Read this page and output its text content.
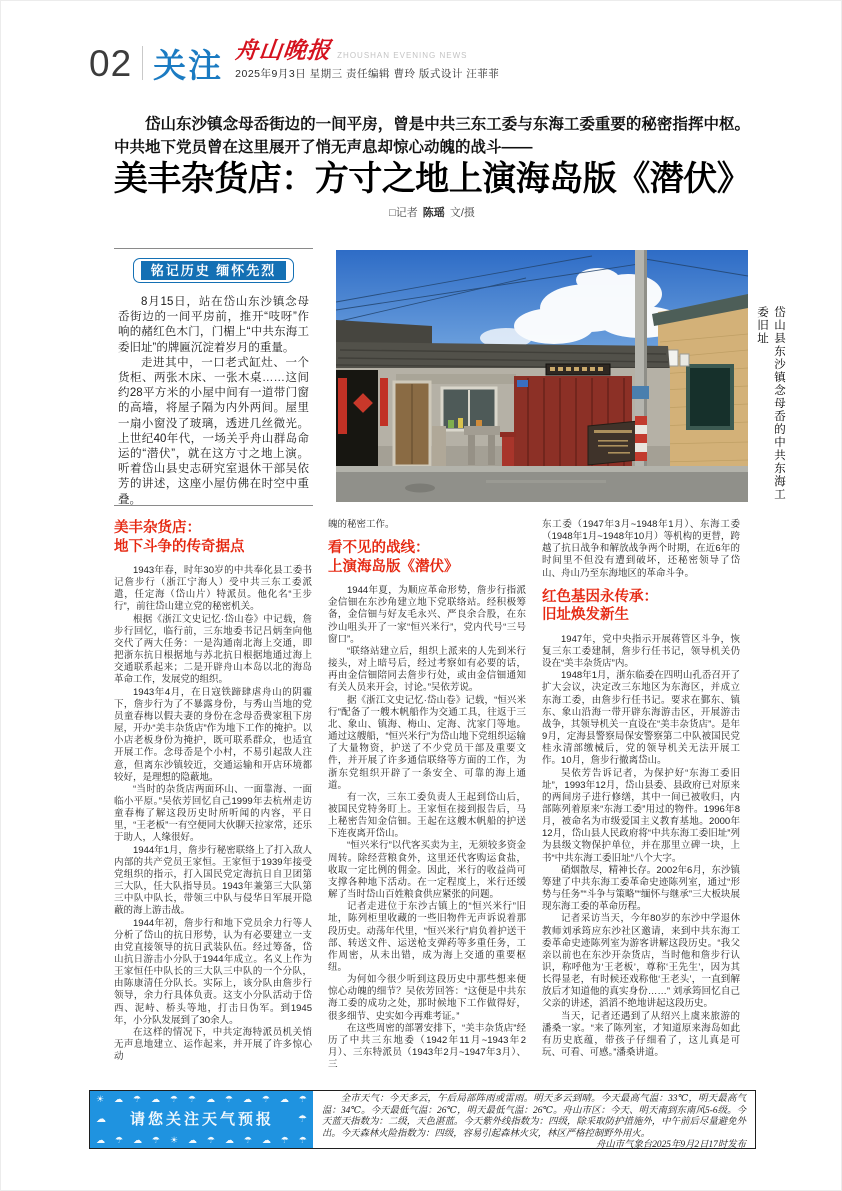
02 关注 舟山晚报 ZHOUSHAN EVENING NEWS
2025年9月3日 星期三 责任编辑 曹玲 版式设计 汪菲菲

岱山东沙镇念母岙街边的一间平房，曾是中共三东工委与东海工委重要的秘密指挥中枢。中共地下党员曾在这里展开了悄无声息却惊心动魄的战斗——

美丰杂货店：方寸之地上演海岛版《潜伏》
□记者 陈瑶 文/摄
铭记历史 缅怀先烈

8月15日，站在岱山东沙镇念母岙街边的一间平房前，推开“吱呀”作响的赭红色木门，门楣上“中共东海工委旧址”的牌匾沉淀着岁月的重量。

走进其中，一口老式缸灶、一个货柜、两张木床、一张木桌……这间约28平方米的小屋中间有一道带门窗的高墙，将屋子隔为内外两间。屋里一扇小窗没了玻璃，透进几丝微光。上世纪40年代，一场关乎舟山群岛命运的“潜伏”，就在这方寸之地上演。听着岱山县史志研究室退休干部吴依芳的讲述，这座小屋仿佛在时空中重叠。	岱山县东沙镇念母岙的中共东海工委旧址
美丰杂货店：
地下斗争的传奇据点

1943年春，时年30岁的中共奉化县工委书记詹步行（浙江宁海人）受中共三东工委派遣，任定海（岱山片）特派员。他化名“王步行”，前往岱山建立党的秘密机关。

根据《浙江文史记忆·岱山卷》中记载，詹步行回忆，临行前，三东地委书记吕炳奎向他交代了两大任务：一是沟通南北海上交通，即把浙东抗日根据地与苏北抗日根据地通过海上交通联系起来；二是开辟舟山本岛以北的海岛革命工作，发展党的组织。

1943年4月，在日寇铁蹄肆虐舟山的阴霾下，詹步行为了不暴露身份，与秀山当地的党员童春梅以假夫妻的身份在念母岙费家租下房屋，开办“美丰杂货店”作为地下工作的掩护。以小店老板身份为掩护，既可联系群众，也适宜开展工作。念母岙是个小村，不易引起敌人注意，但离东沙镇较近，交通运输和开店环境都较好，是理想的隐蔽地。

“当时的杂货店两面环山、一面靠海、一面临小平原。”吴依芳回忆自己1999年去杭州走访童春梅了解这段历史时所听闻的内容，平日里，“王老板”一有空便同大伙聊天拉家常，还乐于助人，人缘很好。

1944年1月，詹步行秘密联络上了打入敌人内部的共产党员王家恒。王家恒于1939年接受党组织的指示，打入国民党定海抗日自卫团第三大队，任大队指导员。1943年兼第三大队第三中队中队长，带领三中队与侵华日军展开隐蔽的海上游击战。

1944年初，詹步行和地下党员余力行等人分析了岱山的抗日形势，认为有必要建立一支由党直接领导的抗日武装队伍。经过筹备，岱山抗日游击小分队于1944年成立。名义上作为王家恒任中队长的三大队三中队的一个分队，由陈康清任分队长。实际上，该分队由詹步行领导，余力行具体负责。这支小分队活动于岱西、泥峙、桥头等地，打击日伪军。到1945年，小分队发展到了30余人。

在这样的情况下，中共定海特派员机关悄无声息地建立、运作起来，并开展了许多惊心动

魄的秘密工作。

看不见的战线：
上演海岛版《潜伏》

1944年夏，为顺应革命形势，詹步行指派金信钿在东沙角建立地下党联络站。经积极筹备，金信钿与好友毛永兴、严良余合股，在东沙山咀头开了一家“恒兴米行”，党内代号“三号窗口”。

“联络站建立后，组织上派来的人先到米行接头，对上暗号后，经过考察如有必要的话，再由金信钿陪同去詹步行处，或由金信钿通知有关人员来开会，讨论。”吴依芳说。

据《浙江文史记忆·岱山卷》记载，“恒兴米行”配备了一艘木帆船作为交通工具，往返于三北、象山、镇海、梅山、定海、沈家门等地。通过这艘船，“恒兴米行”为岱山地下党组织运输了大量物资，护送了不少党员干部及重要文件，并开展了许多通信联络等方面的工作，为浙东党组织开辟了一条安全、可靠的海上通道。

有一次，三东工委负责人王起到岱山后，被国民党特务盯上。王家恒在接到报告后，马上秘密告知金信钿。王起在这艘木帆船的护送下连夜离开岱山。

“恒兴米行”以代客买卖为主，无须较多资金周转。除经营粮食外，这里还代客购运食盐，收取一定比例的佣金。因此，米行的收益尚可支撑各种地下活动。在一定程度上，米行还缓解了当时岱山百姓粮食供应紧张的问题。

记者走进位于东沙古镇上的“恒兴米行”旧址，陈列柜里收藏的一些旧物件无声诉说着那段历史。动荡年代里，“恒兴米行”肩负着护送干部、转送文件、运送枪支弹药等多重任务，工作周密，从未出错，成为海上交通的重要枢纽。

为何如今很少听到这段历史中那些想来便惊心动魄的细节？吴依芳回答：“这便是中共东海工委的成功之处，那时候地下工作做得好，很多细节、史实如今再难考证。”

在这些周密的部署安排下，“美丰杂货店”经历了中共三东地委（1942年11月~1943年2月）、三东特派员（1943年2月~1947年3月）、三

东工委（1947年3月~1948年1月）、东海工委（1948年1月~1948年10月）等机构的更替，跨越了抗日战争和解放战争两个时期，在近6年的时间里不但没有遭到破坏，还秘密领导了岱山、舟山乃至东海地区的革命斗争。

红色基因永传承：
旧址焕发新生

1947年，党中央指示开展蒋管区斗争，恢复三东工委建制，詹步行任书记，领导机关仍设在“美丰杂货店”内。

1948年1月，浙东临委在四明山孔岙召开了扩大会议，决定改三东地区为东海区，并成立东海工委，由詹步行任书记。要求在鄞东、镇东、象山沿海一带开辟东海游击区，开展游击战争，其领导机关一直设在“美丰杂货店”。是年9月，定海县警察局保安警察第二中队被国民党桂永清部缴械后，党的领导机关无法开展工作。10月，詹步行撤离岱山。

吴依芳告诉记者，为保护好“东海工委旧址”，1993年12月，岱山县委、县政府已对原来的两间房子进行修缮，其中一间已被收归，内部陈列着原来“东海工委”用过的物件。1996年8月，被命名为市级爱国主义教育基地。2000年12月，岱山县人民政府将“中共东海工委旧址”列为县级文物保护单位，并在那里立碑一块，上书“中共东海工委旧址”八个大字。

硝烟散尽，精神长存。2002年6月，东沙镇筹建了中共东海工委革命史迹陈列室，通过“形势与任务”“斗争与策略”“缅怀与继承”三大板块展现东海工委的革命历程。

记者采访当天，今年80岁的东沙中学退休教师刘承筠应东沙社区邀请，来到中共东海工委革命史迹陈列室为游客讲解这段历史。“我父亲以前也在东沙开杂货店，当时他和詹步行认识，称呼他为‘王老板’，尊称‘王先生’，因为其长得显老，有时候还戏称他‘王老头’，一直到解放后才知道他的真实身份……” 刘承筠回忆自己父亲的讲述，滔滔不绝地讲起这段历史。

当天，记者还遇到了从绍兴上虞来旅游的潘桑一家。“来了陈列室，才知道原来海岛如此有历史底蕴，带孩子仔细看了，这儿真是可玩、可看、可感。”潘桑讲道。

☀ ☁ ☂ ☁ ☂ ☂ ☁ ☂ ☁ ☂ ☁ ☂
☁ 请您关注天气预报 ☂
☁ ☂ ☁ ☂ ☀ ☁ ☂ ☁ ☂ ☁ ☂ ☂

全市天气：今天多云，午后局部阵雨或雷雨。明天多云到晴。今天最高气温：33℃，明天最高气温：34℃。今天最低气温：26℃，明天最低气温：26℃。舟山市区：今天、明天南到东南风5-6级。今天蓝天指数为：二级，天色湛蓝。今天紫外线指数为：四级，除采取防护措施外，中午前后尽量避免外出。今天森林火险指数为：四级，容易引起森林火灾，林区严格控制野外用火。

舟山市气象台2025年9月2日17时发布
